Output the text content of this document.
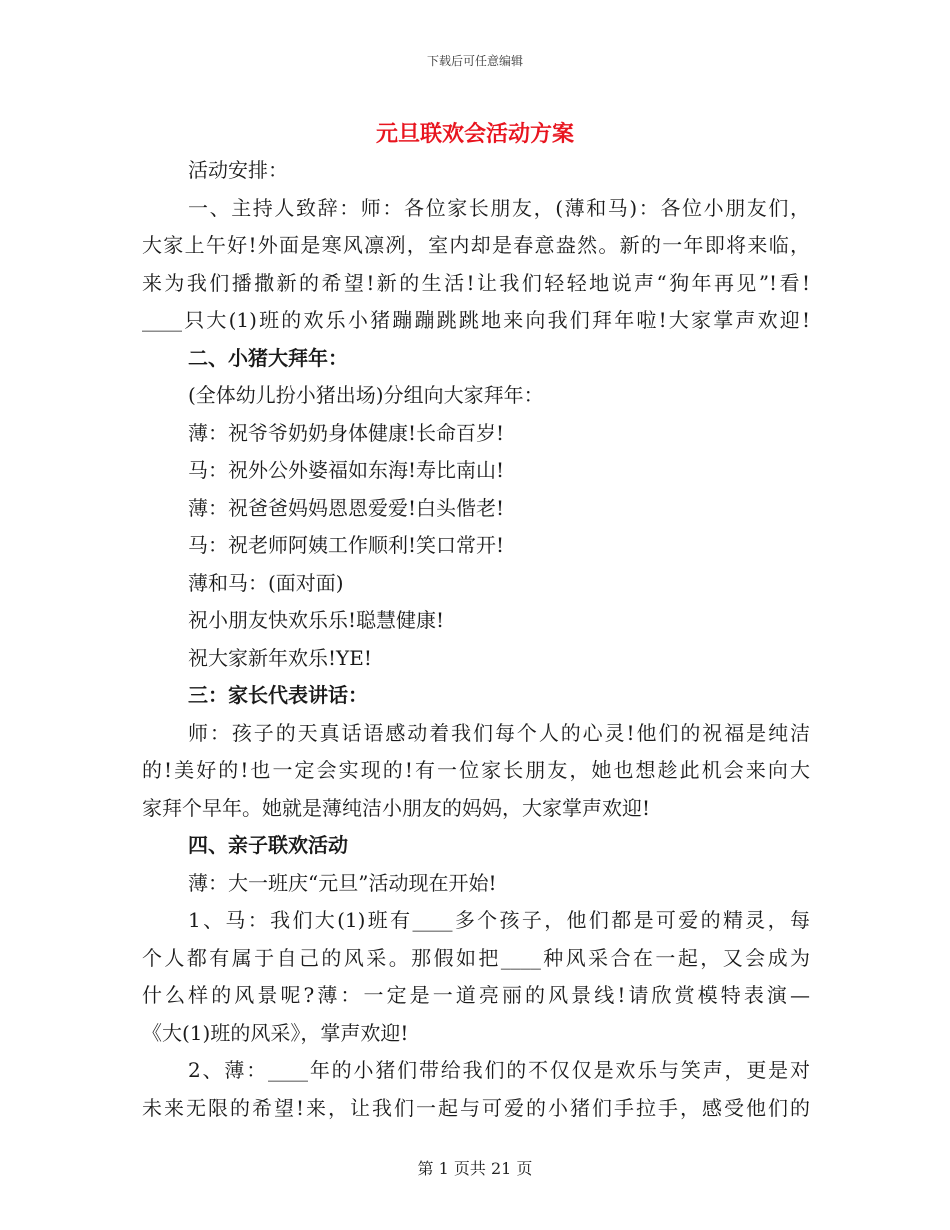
下载后可任意编辑
元旦联欢会活动方案
活动安排：
一、主持人致辞：师：各位家长朋友，(薄和马)：各位小朋友们，
大家上午好!外面是寒风凛冽，室内却是春意盎然。新的一年即将来临，
来为我们播撒新的希望!新的生活!让我们轻轻地说声“狗年再见”!看!
____只大(1)班的欢乐小猪蹦蹦跳跳地来向我们拜年啦!大家掌声欢迎!
二、小猪大拜年：
(全体幼儿扮小猪出场)分组向大家拜年：
薄：祝爷爷奶奶身体健康!长命百岁!
马：祝外公外婆福如东海!寿比南山!
薄：祝爸爸妈妈恩恩爱爱!白头偕老!
马：祝老师阿姨工作顺利!笑口常开!
薄和马：(面对面)
祝小朋友快欢乐乐!聪慧健康!
祝大家新年欢乐!YE!
三：家长代表讲话：
师：孩子的天真话语感动着我们每个人的心灵!他们的祝福是纯洁
的!美好的!也一定会实现的!有一位家长朋友，她也想趁此机会来向大
家拜个早年。她就是薄纯洁小朋友的妈妈，大家掌声欢迎!
四、亲子联欢活动
薄：大一班庆“元旦”活动现在开始!
1、马：我们大(1)班有____多个孩子，他们都是可爱的精灵，每
个人都有属于自己的风采。那假如把____种风采合在一起，又会成为
什么样的风景呢?薄：一定是一道亮丽的风景线!请欣赏模特表演—
《大(1)班的风采》，掌声欢迎!
2、薄：____年的小猪们带给我们的不仅仅是欢乐与笑声，更是对
未来无限的希望!来，让我们一起与可爱的小猪们手拉手，感受他们的
第 1 页共 21 页
